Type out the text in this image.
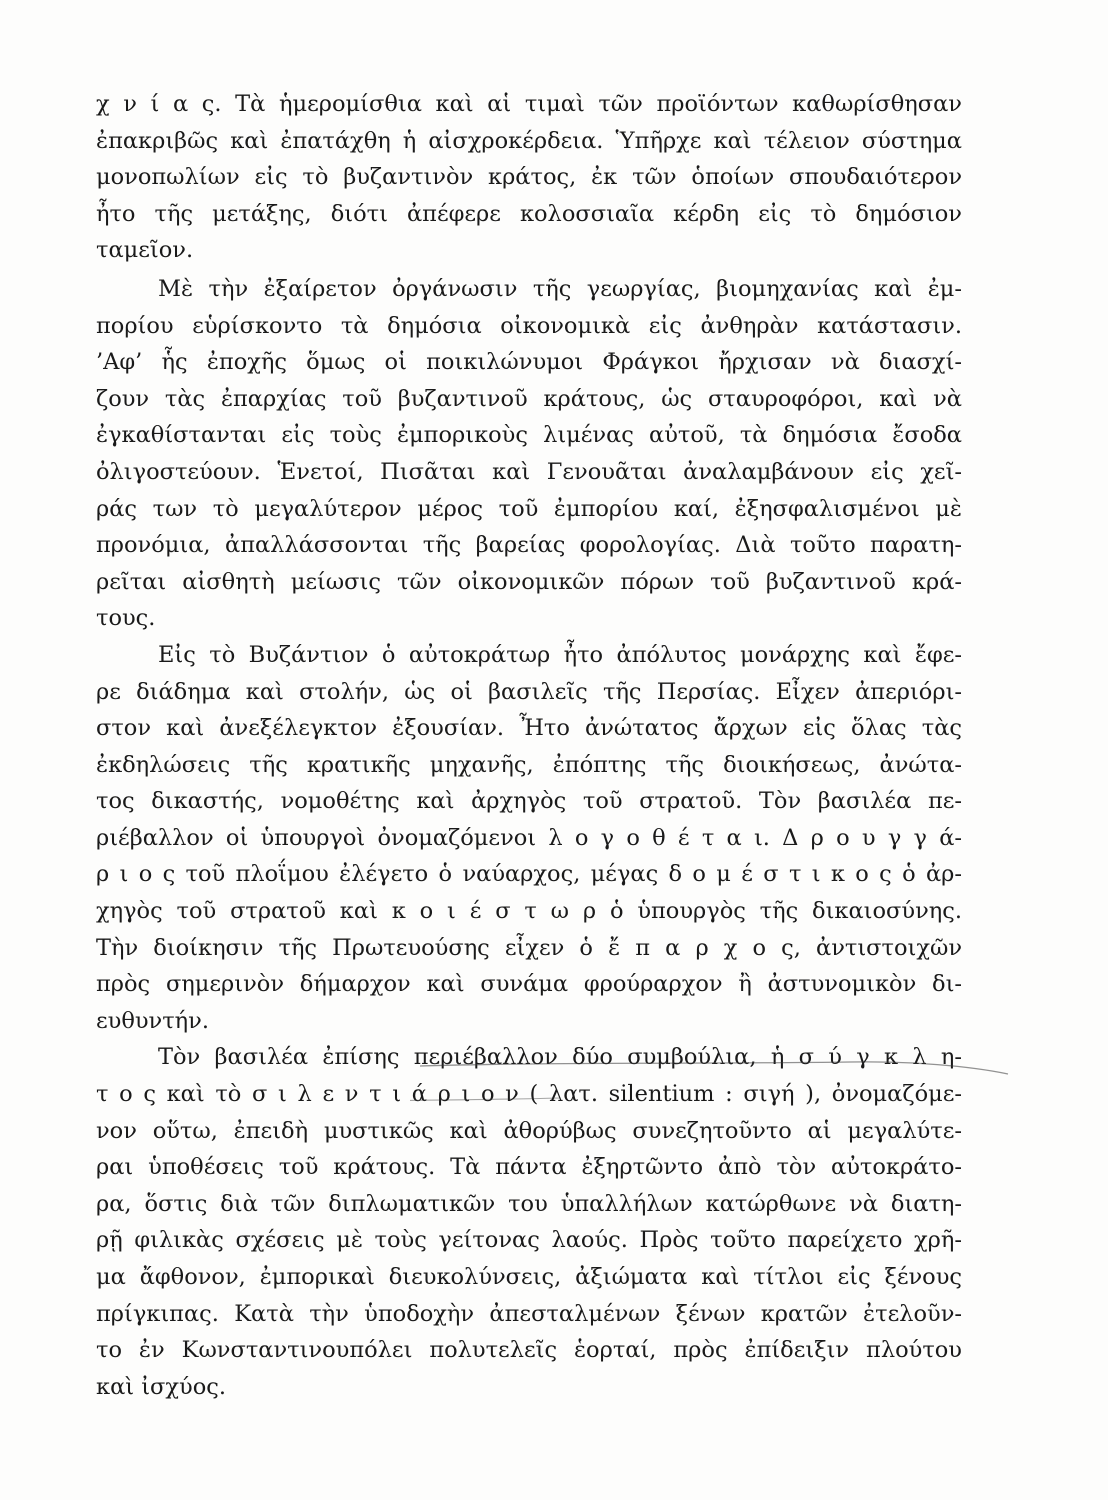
χ ν ί α ς. Τὰ ἡμερομίσθια καὶ αἱ τιμαὶ τῶν προϊόντων καθωρίσθησαν
ἐπακριβῶς καὶ ἐπατάχθη ἡ αἰσχροκέρδεια. Ὑπῆρχε καὶ τέλειον σύστημα
μονοπωλίων εἰς τὸ βυζαντινὸν κράτος, ἐκ τῶν ὁποίων σπουδαιότερον
ἦτο τῆς μετάξης, διότι ἀπέφερε κολοσσιαῖα κέρδη εἰς τὸ δημόσιον
ταμεῖον.
Μὲ τὴν ἐξαίρετον ὀργάνωσιν τῆς γεωργίας, βιομηχανίας καὶ ἐμ-
πορίου εὑρίσκοντο τὰ δημόσια οἰκονομικὰ εἰς ἀνθηρὰν κατάστασιν.
’Αφ’ ἧς ἐποχῆς ὅμως οἱ ποικιλώνυμοι Φράγκοι ἤρχισαν νὰ διασχί-
ζουν τὰς ἐπαρχίας τοῦ βυζαντινοῦ κράτους, ὡς σταυροφόροι, καὶ νὰ
ἐγκαθίστανται εἰς τοὺς ἐμπορικοὺς λιμένας αὐτοῦ, τὰ δημόσια ἔσοδα
ὀλιγοστεύουν. Ἑνετοί, Πισᾶται καὶ Γενουᾶται ἀναλαμβάνουν εἰς χεῖ-
ράς των τὸ μεγαλύτερον μέρος τοῦ ἐμπορίου καί, ἐξησφαλισμένοι μὲ
προνόμια, ἀπαλλάσσονται τῆς βαρείας φορολογίας. Διὰ τοῦτο παρατη-
ρεῖται αἰσθητὴ μείωσις τῶν οἰκονομικῶν πόρων τοῦ βυζαντινοῦ κρά-
τους.
Εἰς τὸ Βυζάντιον ὁ αὐτοκράτωρ ἦτο ἀπόλυτος μονάρχης καὶ ἔφε-
ρε διάδημα καὶ στολήν, ὡς οἱ βασιλεῖς τῆς Περσίας. Εἶχεν ἀπεριόρι-
στον καὶ ἀνεξέλεγκτον ἐξουσίαν. Ἦτο ἀνώτατος ἄρχων εἰς ὅλας τὰς
ἐκδηλώσεις τῆς κρατικῆς μηχανῆς, ἐπόπτης τῆς διοικήσεως, ἀνώτα-
τος δικαστής, νομοθέτης καὶ ἀρχηγὸς τοῦ στρατοῦ. Τὸν βασιλέα πε-
ριέβαλλον οἱ ὑπουργοὶ ὀνομαζόμενοι λ ο γ ο θ έ τ α ι. Δ ρ ο υ γ γ ά-
ρ ι ο ς τοῦ πλοΐμου ἐλέγετο ὁ ναύαρχος, μέγας δ ο μ έ σ τ ι κ ο ς ὁ ἀρ-
χηγὸς τοῦ στρατοῦ καὶ κ ο ι έ σ τ ω ρ ὁ ὑπουργὸς τῆς δικαιοσύνης.
Τὴν διοίκησιν τῆς Πρωτευούσης εἶχεν ὁ ἔ π α ρ χ ο ς, ἀντιστοιχῶν
πρὸς σημερινὸν δήμαρχον καὶ συνάμα φρούραρχον ἢ ἀστυνομικὸν δι-
ευθυντήν.
Τὸν βασιλέα ἐπίσης περιέβαλλον δύο συμβούλια, ἡ σ ύ γ κ λ η-
τ ο ς καὶ τὸ σ ι λ ε ν τ ι ά ρ ι ο ν ( λατ. silentium : σιγή ), ὀνομαζόμε-
νον οὕτω, ἐπειδὴ μυστικῶς καὶ ἀθορύβως συνεζητοῦντο αἱ μεγαλύτε-
ραι ὑποθέσεις τοῦ κράτους. Τὰ πάντα ἐξηρτῶντο ἀπὸ τὸν αὐτοκράτο-
ρα, ὅστις διὰ τῶν διπλωματικῶν του ὑπαλλήλων κατώρθωνε νὰ διατη-
ρῇ φιλικὰς σχέσεις μὲ τοὺς γείτονας λαούς. Πρὸς τοῦτο παρείχετο χρῆ-
μα ἄφθονον, ἐμπορικαὶ διευκολύνσεις, ἀξιώματα καὶ τίτλοι εἰς ξένους
πρίγκιπας. Κατὰ τὴν ὑποδοχὴν ἀπεσταλμένων ξένων κρατῶν ἐτελοῦν-
το ἐν Κωνσταντινουπόλει πολυτελεῖς ἑορταί, πρὸς ἐπίδειξιν πλούτου
καὶ ἰσχύος.
